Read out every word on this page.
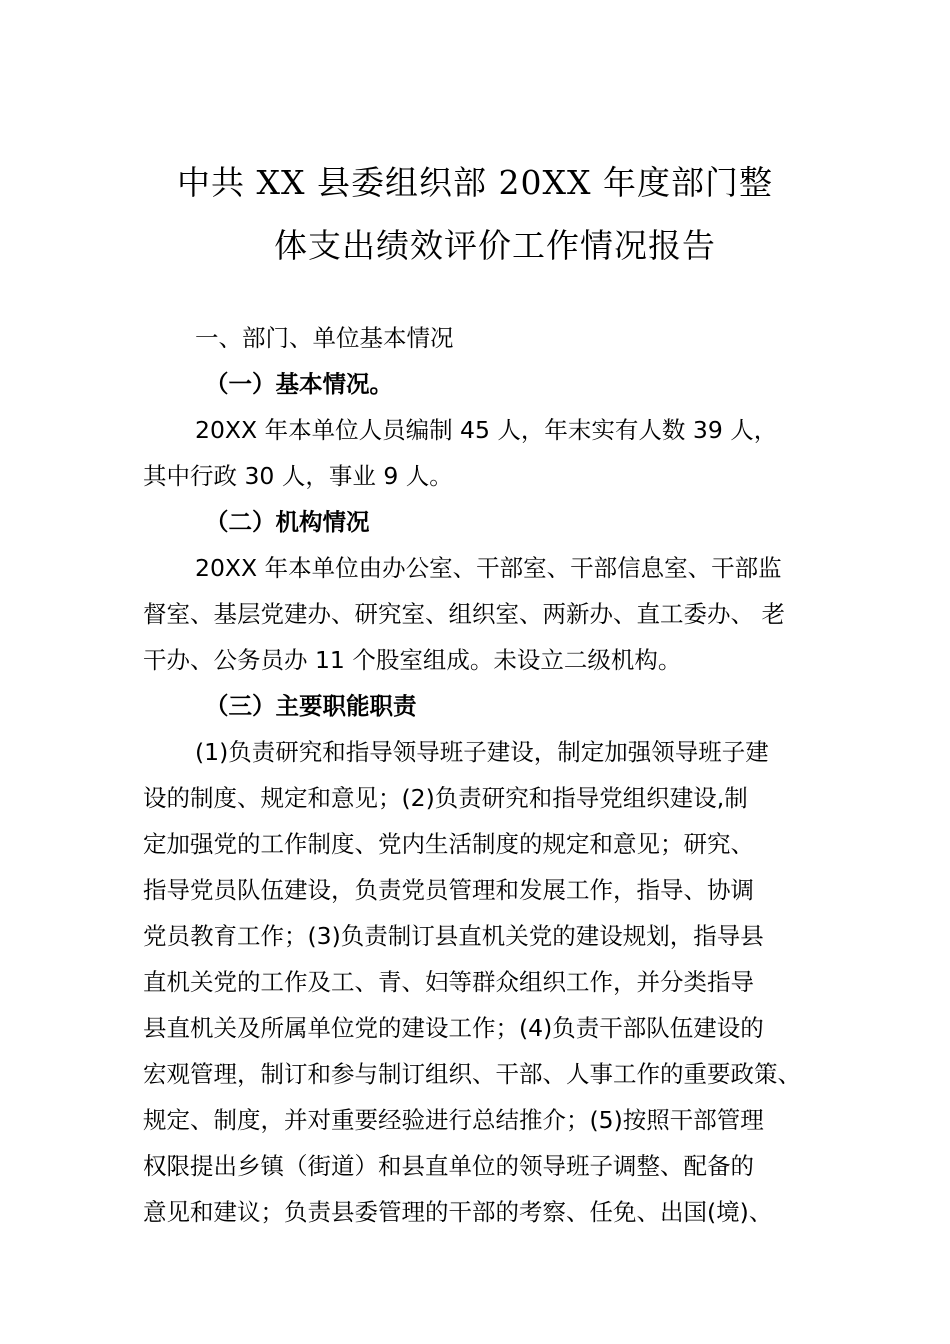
中共 XX 县委组织部 20XX 年度部门整
体支出绩效评价工作情况报告
一、部门、单位基本情况
（一）基本情况。
20XX 年本单位人员编制 45 人，年末实有人数 39 人，
其中行政 30 人，事业 9 人。
（二）机构情况
20XX 年本单位由办公室、干部室、干部信息室、干部监
督室、基层党建办、研究室、组织室、两新办、直工委办、 老
干办、公务员办 11 个股室组成。未设立二级机构。
（三）主要职能职责
(1)负责研究和指导领导班子建设，制定加强领导班子建
设的制度、规定和意见；(2)负责研究和指导党组织建设,制
定加强党的工作制度、党内生活制度的规定和意见；研究、
指导党员队伍建设，负责党员管理和发展工作，指导、协调
党员教育工作；(3)负责制订县直机关党的建设规划，指导县
直机关党的工作及工、青、妇等群众组织工作，并分类指导
县直机关及所属单位党的建设工作；(4)负责干部队伍建设的
宏观管理，制订和参与制订组织、干部、人事工作的重要政策、
规定、制度，并对重要经验进行总结推介；(5)按照干部管理
权限提出乡镇（街道）和县直单位的领导班子调整、配备的
意见和建议；负责县委管理的干部的考察、任免、出国(境)、
